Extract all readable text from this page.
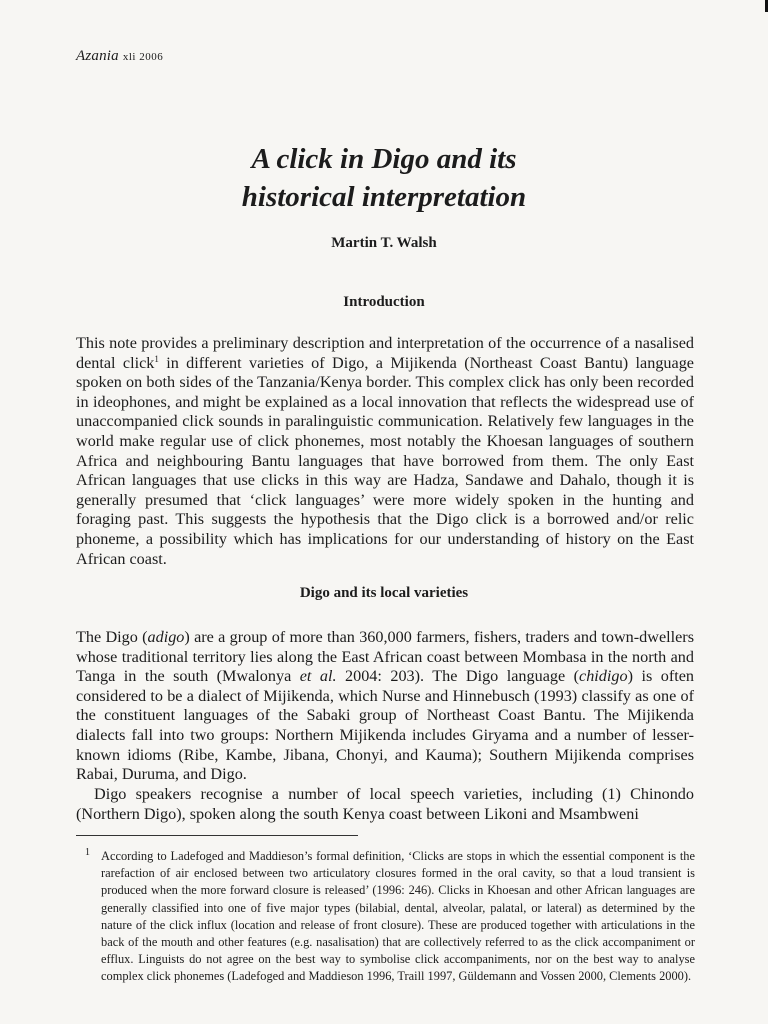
Azania xli 2006
A click in Digo and its
historical interpretation
Martin T. Walsh
Introduction
This note provides a preliminary description and interpretation of the occurrence of a nasalised dental click$^1$ in different varieties of Digo, a Mijikenda (Northeast Coast Bantu) language spoken on both sides of the Tanzania/Kenya border. This complex click has only been recorded in ideophones, and might be explained as a local innovation that reflects the widespread use of unaccompanied click sounds in paralinguistic communication. Relatively few languages in the world make regular use of click phonemes, most notably the Khoesan languages of southern Africa and neighbouring Bantu languages that have borrowed from them. The only East African languages that use clicks in this way are Hadza, Sandawe and Dahalo, though it is generally presumed that ‘click languages’ were more widely spoken in the hunting and foraging past. This suggests the hypothesis that the Digo click is a borrowed and/or relic phoneme, a possibility which has implications for our understanding of history on the East African coast.
Digo and its local varieties
The Digo (adigo) are a group of more than 360,000 farmers, fishers, traders and town-dwellers whose traditional territory lies along the East African coast between Mombasa in the north and Tanga in the south (Mwalonya et al. 2004: 203). The Digo language (chidigo) is often considered to be a dialect of Mijikenda, which Nurse and Hinnebusch (1993) classify as one of the constituent languages of the Sabaki group of Northeast Coast Bantu. The Mijikenda dialects fall into two groups: Northern Mijikenda includes Giryama and a number of lesser-known idioms (Ribe, Kambe, Jibana, Chonyi, and Kauma); Southern Mijikenda comprises Rabai, Duruma, and Digo.
Digo speakers recognise a number of local speech varieties, including (1) Chinondo (Northern Digo), spoken along the south Kenya coast between Likoni and Msambweni
1 According to Ladefoged and Maddieson’s formal definition, ‘Clicks are stops in which the essential component is the rarefaction of air enclosed between two articulatory closures formed in the oral cavity, so that a loud transient is produced when the more forward closure is released’ (1996: 246). Clicks in Khoesan and other African languages are generally classified into one of five major types (bilabial, dental, alveolar, palatal, or lateral) as determined by the nature of the click influx (location and release of front closure). These are produced together with articulations in the back of the mouth and other features (e.g. nasalisation) that are collectively referred to as the click accompaniment or efflux. Linguists do not agree on the best way to symbolise click accompaniments, nor on the best way to analyse complex click phonemes (Ladefoged and Maddieson 1996, Traill 1997, Güldemann and Vossen 2000, Clements 2000).
